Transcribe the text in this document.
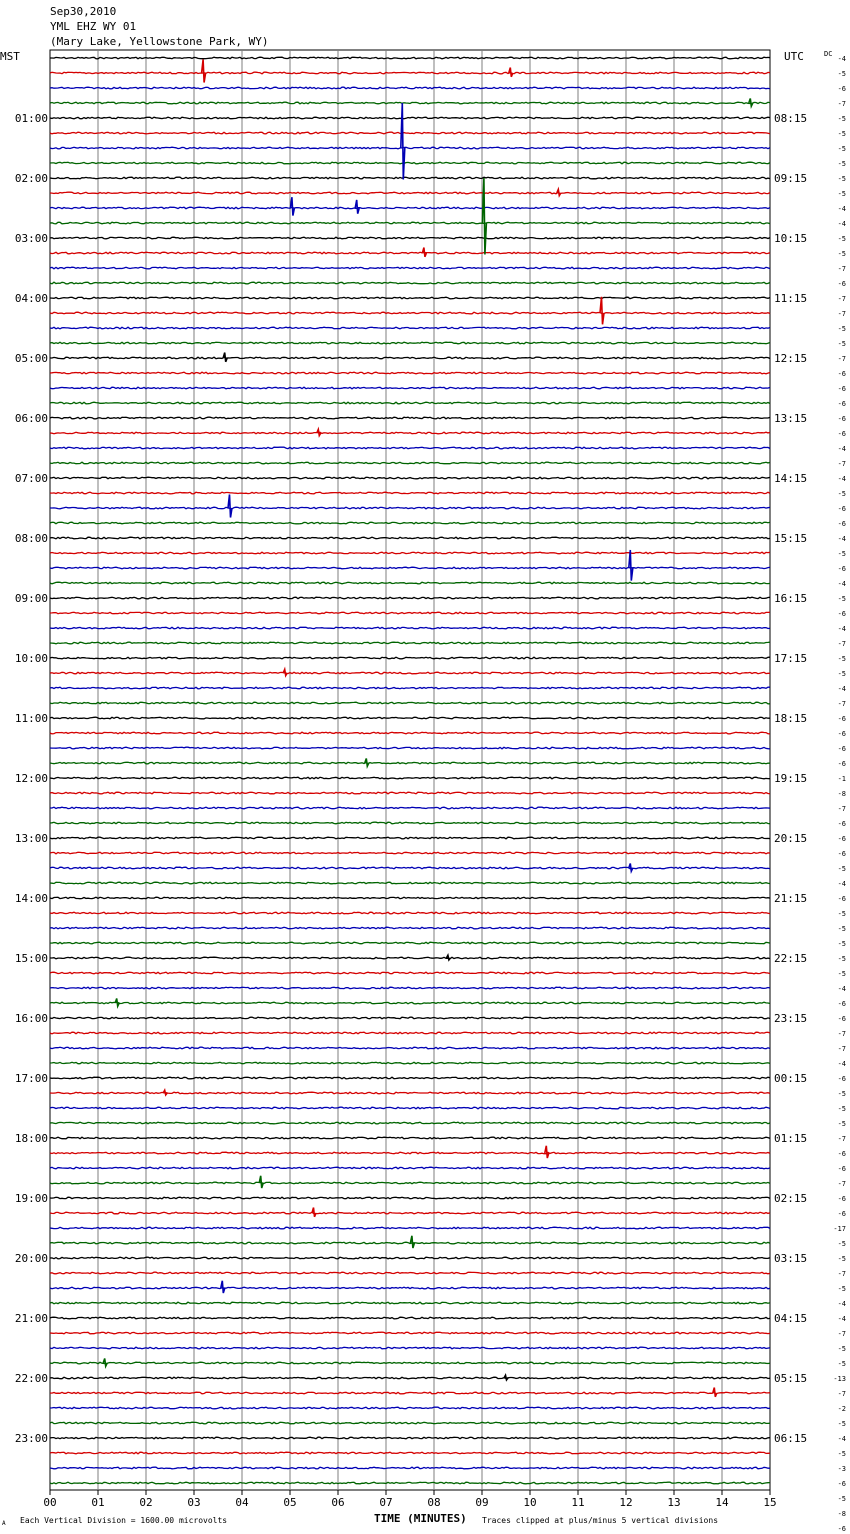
Sep30,2010
YML EHZ WY 01
(Mary Lake, Yellowstone Park, WY)
MST	UTC	DC
01:00
02:00
03:00
04:00
05:00
06:00
07:00
08:00
09:00
10:00
11:00
12:00
13:00
14:00
15:00
16:00
17:00
18:00
19:00
20:00
21:00
22:00
23:00
08:15
09:15
10:15
11:15
12:15
13:15
14:15
15:15
16:15
17:15
18:15
19:15
20:15
21:15
22:15
23:15
00:15
01:15
02:15
03:15
04:15
05:15
06:15
-4
-5
-6
-7
-5
-5
-5
-5
-5
-5
-4
-4
-5
-5
-7
-6
-7
-7
-5
-5
-7
-6
-6
-6
-6
-6
-4
-7
-4
-5
-6
-6
-4
-5
-6
-4
-5
-6
-4
-7
-5
-5
-4
-7
-6
-6
-6
-6
-1
-8
-7
-6
-6
-6
-5
-4
-6
-5
-5
-5
-5
-5
-4
-6
-6
-7
-7
-4
-6
-5
-5
-5
-7
-6
-6
-7
-6
-6
-17
-5
-5
-7
-5
-4
-4
-7
-5
-5
-13
-7
-2
-5
-4
-5
-3
-6
-5
-8
-6
00	01	02	03	04	05	06	07	08	09	10	11	12	13	14	15
TIME (MINUTES)
Each Vertical Division = 1600.00 microvolts	Traces clipped at plus/minus 5 vertical divisions
A
